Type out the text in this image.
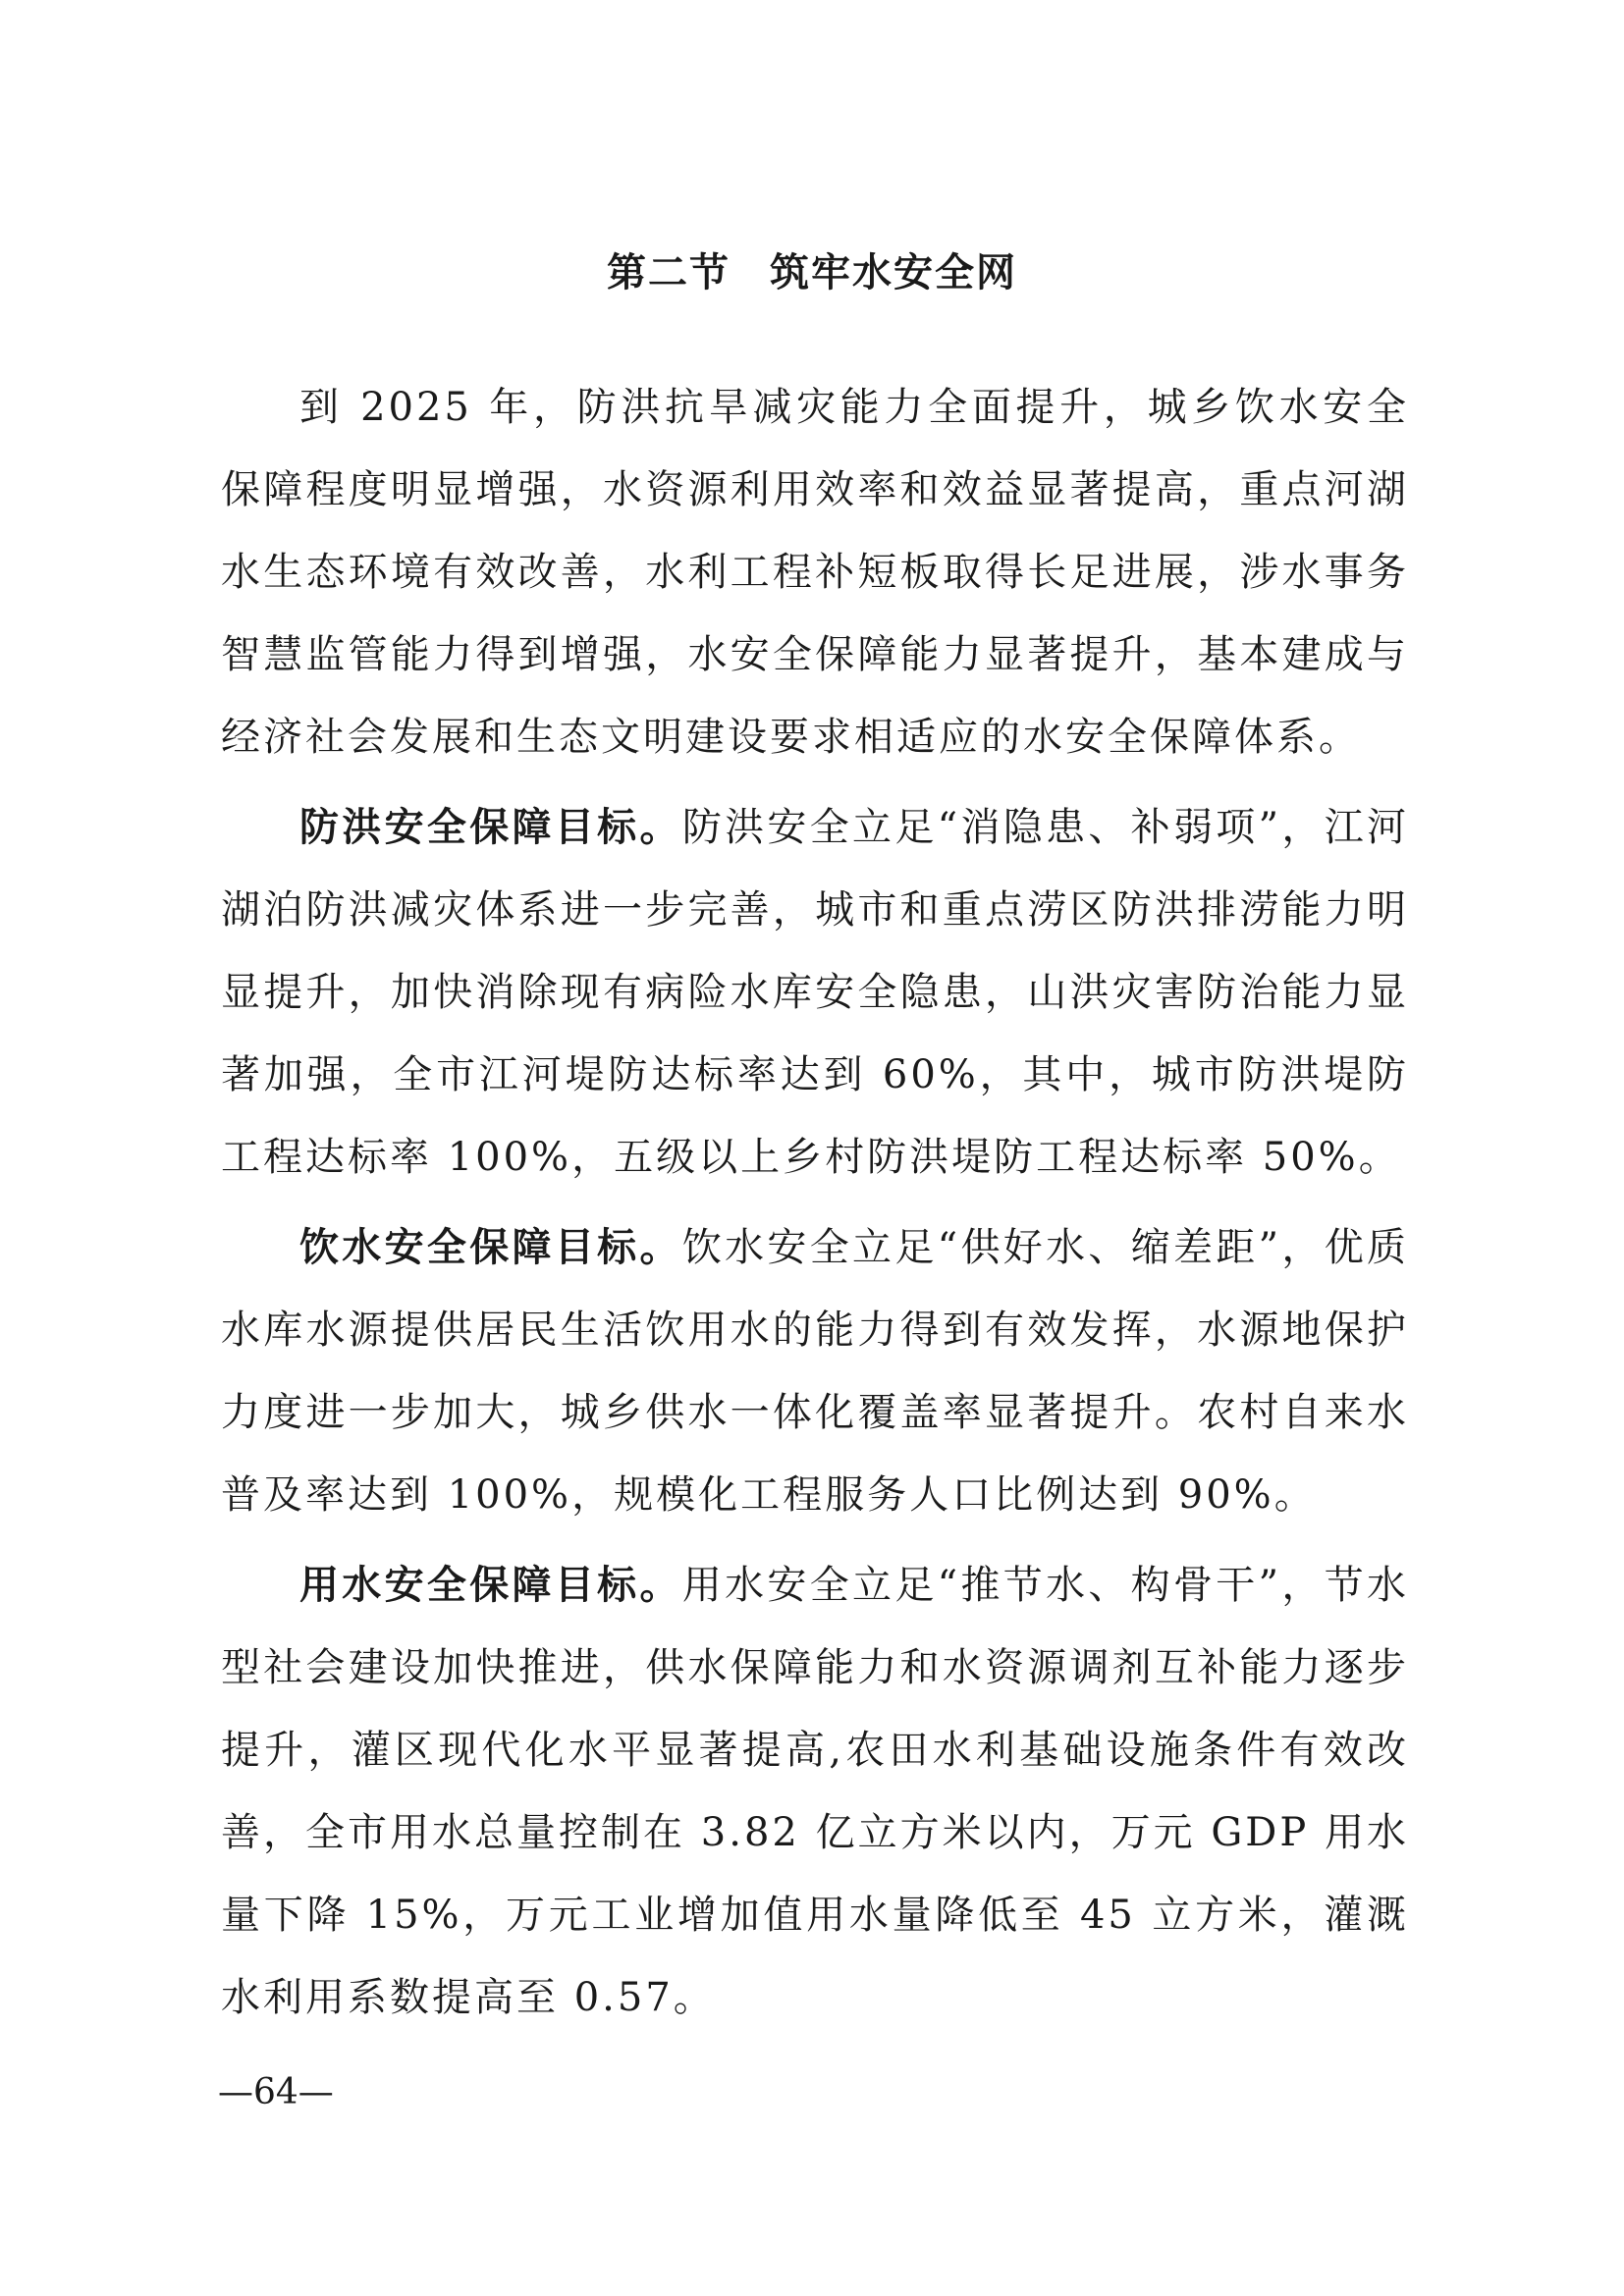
第二节 筑牢水安全网

到 2025 年，防洪抗旱减灾能力全面提升，城乡饮水安全保障程度明显增强，水资源利用效率和效益显著提高，重点河湖水生态环境有效改善，水利工程补短板取得长足进展，涉水事务智慧监管能力得到增强，水安全保障能力显著提升，基本建成与经济社会发展和生态文明建设要求相适应的水安全保障体系。

防洪安全保障目标。防洪安全立足“消隐患、补弱项”，江河湖泊防洪减灾体系进一步完善，城市和重点涝区防洪排涝能力明显提升，加快消除现有病险水库安全隐患，山洪灾害防治能力显著加强，全市江河堤防达标率达到 60%，其中，城市防洪堤防工程达标率 100%，五级以上乡村防洪堤防工程达标率 50%。

饮水安全保障目标。饮水安全立足“供好水、缩差距”，优质水库水源提供居民生活饮用水的能力得到有效发挥，水源地保护力度进一步加大，城乡供水一体化覆盖率显著提升。农村自来水普及率达到 100%，规模化工程服务人口比例达到 90%。

用水安全保障目标。用水安全立足“推节水、构骨干”，节水型社会建设加快推进，供水保障能力和水资源调剂互补能力逐步提升，灌区现代化水平显著提高,农田水利基础设施条件有效改善，全市用水总量控制在 3.82 亿立方米以内，万元 GDP 用水量下降 15%，万元工业增加值用水量降低至 45 立方米，灌溉水利用系数提高至 0.57。

—64—
